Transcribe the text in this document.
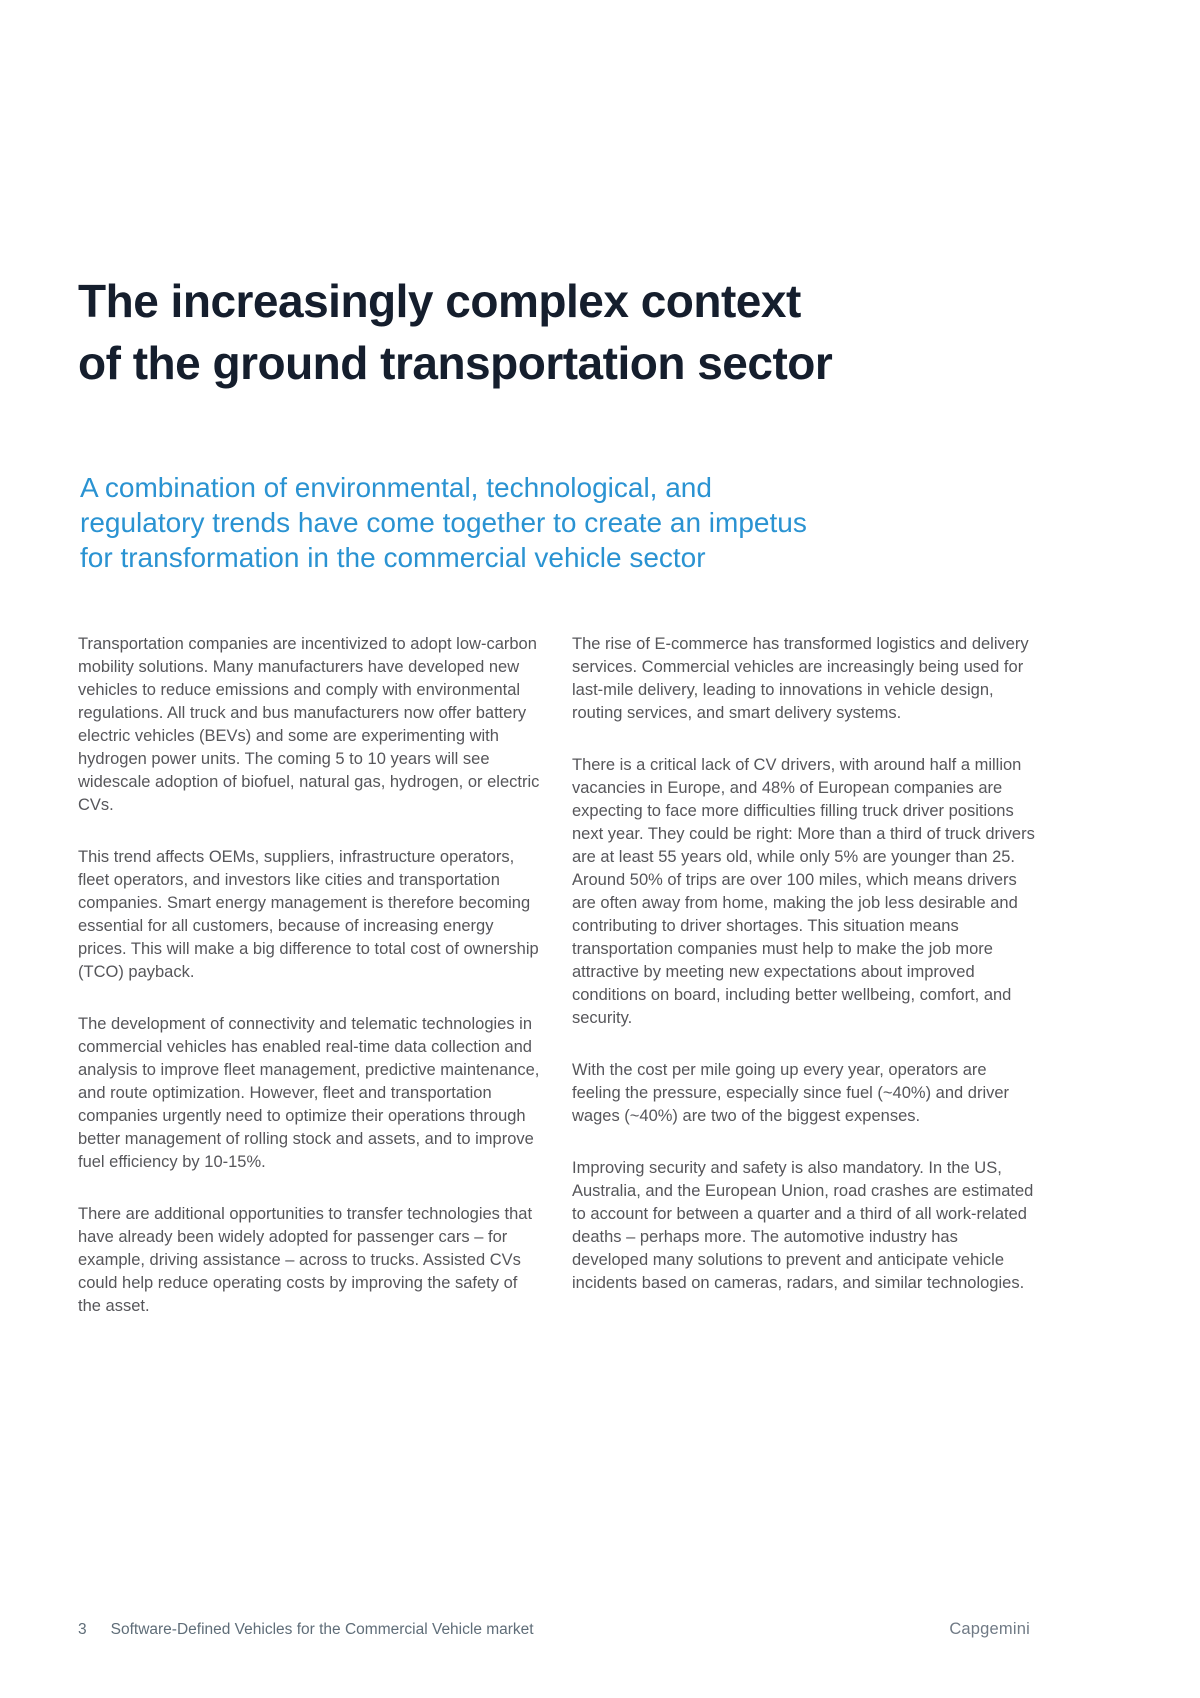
The increasingly complex context
of the ground transportation sector
A combination of environmental, technological, and
regulatory trends have come together to create an impetus
for transformation in the commercial vehicle sector

Transportation companies are incentivized to adopt low-carbon mobility solutions. Many manufacturers have developed new vehicles to reduce emissions and comply with environmental regulations. All truck and bus manufacturers now offer battery electric vehicles (BEVs) and some are experimenting with hydrogen power units. The coming 5 to 10 years will see widescale adoption of biofuel, natural gas, hydrogen, or electric CVs.

This trend affects OEMs, suppliers, infrastructure operators, fleet operators, and investors like cities and transportation companies. Smart energy management is therefore becoming essential for all customers, because of increasing energy prices. This will make a big difference to total cost of ownership (TCO) payback.

The development of connectivity and telematic technologies in commercial vehicles has enabled real-time data collection and analysis to improve fleet management, predictive maintenance, and route optimization. However, fleet and transportation companies urgently need to optimize their operations through better management of rolling stock and assets, and to improve fuel efficiency by 10-15%.

There are additional opportunities to transfer technologies that have already been widely adopted for passenger cars – for example, driving assistance – across to trucks. Assisted CVs could help reduce operating costs by improving the safety of the asset.

The rise of E-commerce has transformed logistics and delivery services. Commercial vehicles are increasingly being used for last-mile delivery, leading to innovations in vehicle design, routing services, and smart delivery systems.

There is a critical lack of CV drivers, with around half a million vacancies in Europe, and 48% of European companies are expecting to face more difficulties filling truck driver positions next year. They could be right: More than a third of truck drivers are at least 55 years old, while only 5% are younger than 25. Around 50% of trips are over 100 miles, which means drivers are often away from home, making the job less desirable and contributing to driver shortages. This situation means transportation companies must help to make the job more attractive by meeting new expectations about improved conditions on board, including better wellbeing, comfort, and security.

With the cost per mile going up every year, operators are feeling the pressure, especially since fuel (~40%) and driver wages (~40%) are two of the biggest expenses.

Improving security and safety is also mandatory. In the US, Australia, and the European Union, road crashes are estimated to account for between a quarter and a third of all work-related deaths – perhaps more. The automotive industry has developed many solutions to prevent and anticipate vehicle incidents based on cameras, radars, and similar technologies.

3 Software-Defined Vehicles for the Commercial Vehicle market	Capgemini
